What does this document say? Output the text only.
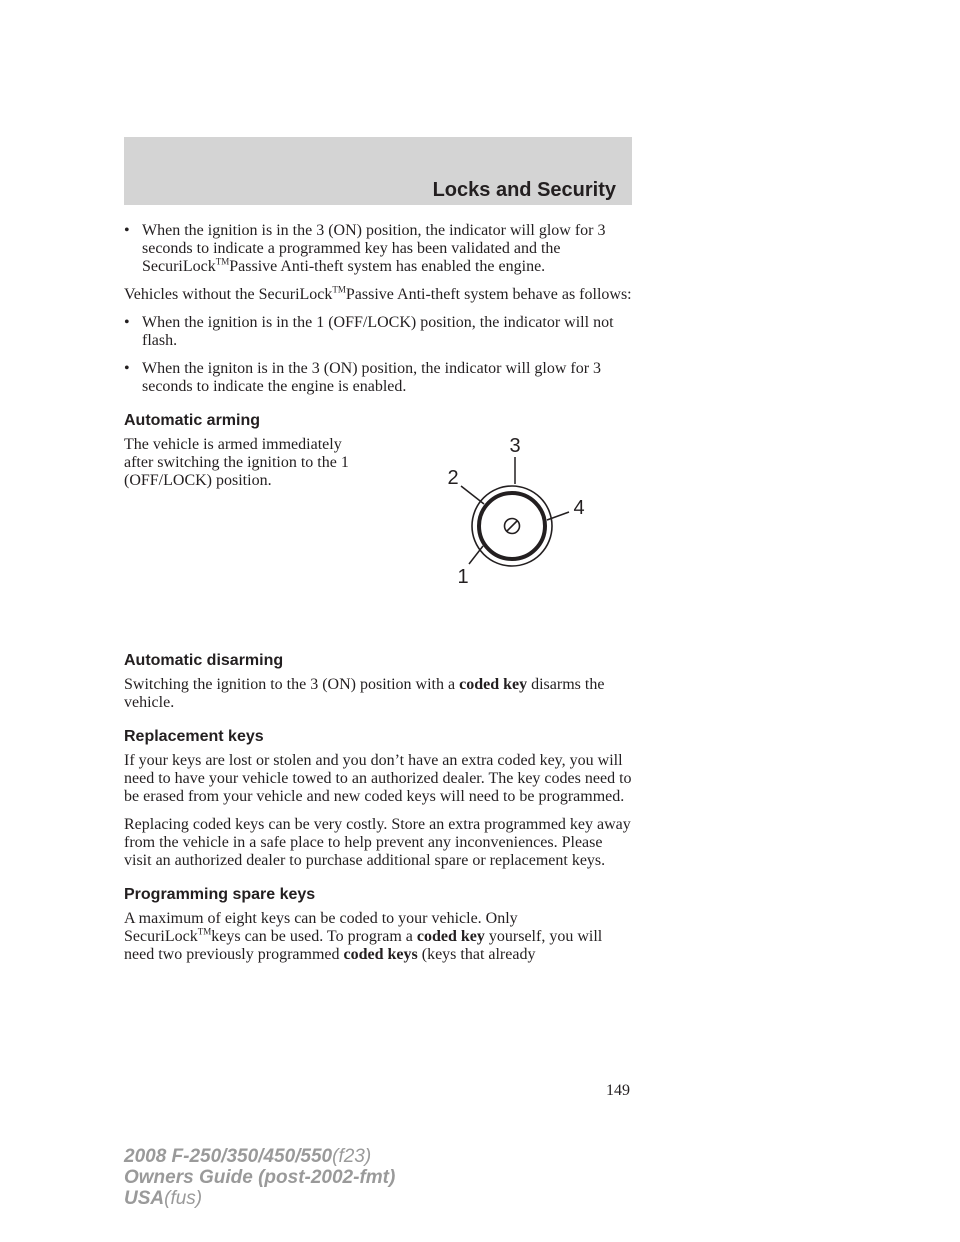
Locks and Security
• When the ignition is in the 3 (ON) position, the indicator will glow for 3 seconds to indicate a programmed key has been validated and the SecuriLock™Passive Anti-theft system has enabled the engine.

Vehicles without the SecuriLock™Passive Anti-theft system behave as follows:

• When the ignition is in the 1 (OFF/LOCK) position, the indicator will not flash.
• When the igniton is in the 3 (ON) position, the indicator will glow for 3 seconds to indicate the engine is enabled.
Automatic arming

The vehicle is armed immediately after switching the ignition to the 1 (OFF/LOCK) position.

3
2
4
1
Automatic disarming

Switching the ignition to the 3 (ON) position with a coded key disarms the vehicle.

Replacement keys

If your keys are lost or stolen and you don’t have an extra coded key, you will need to have your vehicle towed to an authorized dealer. The key codes need to be erased from your vehicle and new coded keys will need to be programmed.

Replacing coded keys can be very costly. Store an extra programmed key away from the vehicle in a safe place to help prevent any inconveniences. Please visit an authorized dealer to purchase additional spare or replacement keys.

Programming spare keys

A maximum of eight keys can be coded to your vehicle. Only SecuriLock™keys can be used. To program a coded key yourself, you will need two previously programmed coded keys (keys that already

149
2008 F-250/350/450/550(f23)
Owners Guide (post-2002-fmt)
USA(fus)
